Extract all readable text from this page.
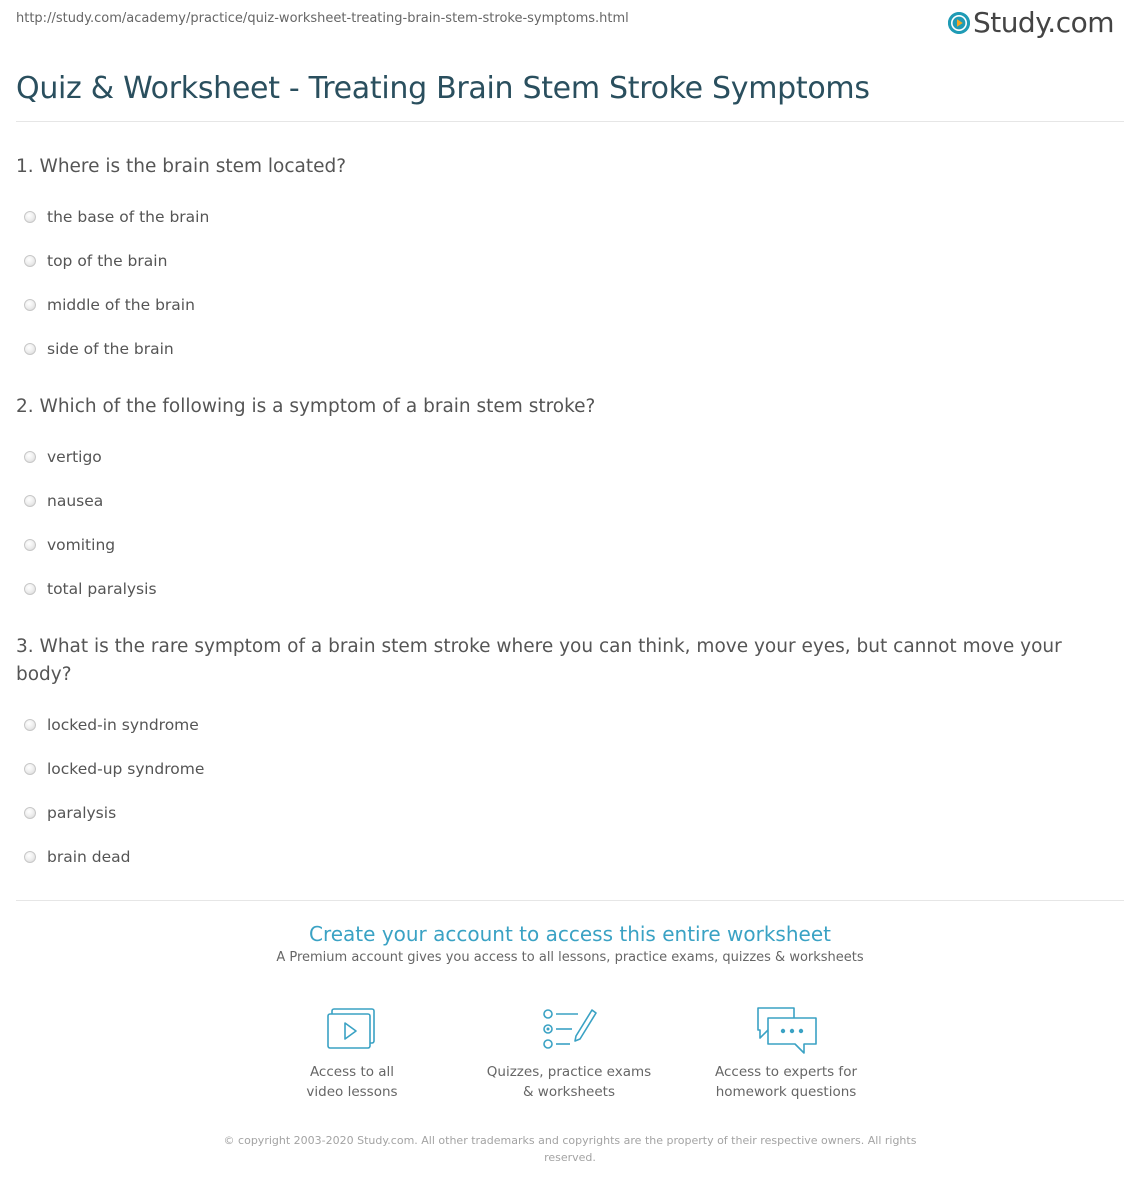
http://study.com/academy/practice/quiz-worksheet-treating-brain-stem-stroke-symptoms.html	Study.com
Quiz & Worksheet - Treating Brain Stem Stroke Symptoms
1. Where is the brain stem located?
the base of the brain
top of the brain
middle of the brain
side of the brain
2. Which of the following is a symptom of a brain stem stroke?
vertigo
nausea
vomiting
total paralysis
3. What is the rare symptom of a brain stem stroke where you can think, move your eyes, but cannot move your body?
locked-in syndrome
locked-up syndrome
paralysis
brain dead
Create your account to access this entire worksheet
A Premium account gives you access to all lessons, practice exams, quizzes & worksheets
Access to all
video lessons
Quizzes, practice exams
& worksheets
Access to experts for
homework questions
© copyright 2003-2020 Study.com. All other trademarks and copyrights are the property of their respective owners. All rights
reserved.
